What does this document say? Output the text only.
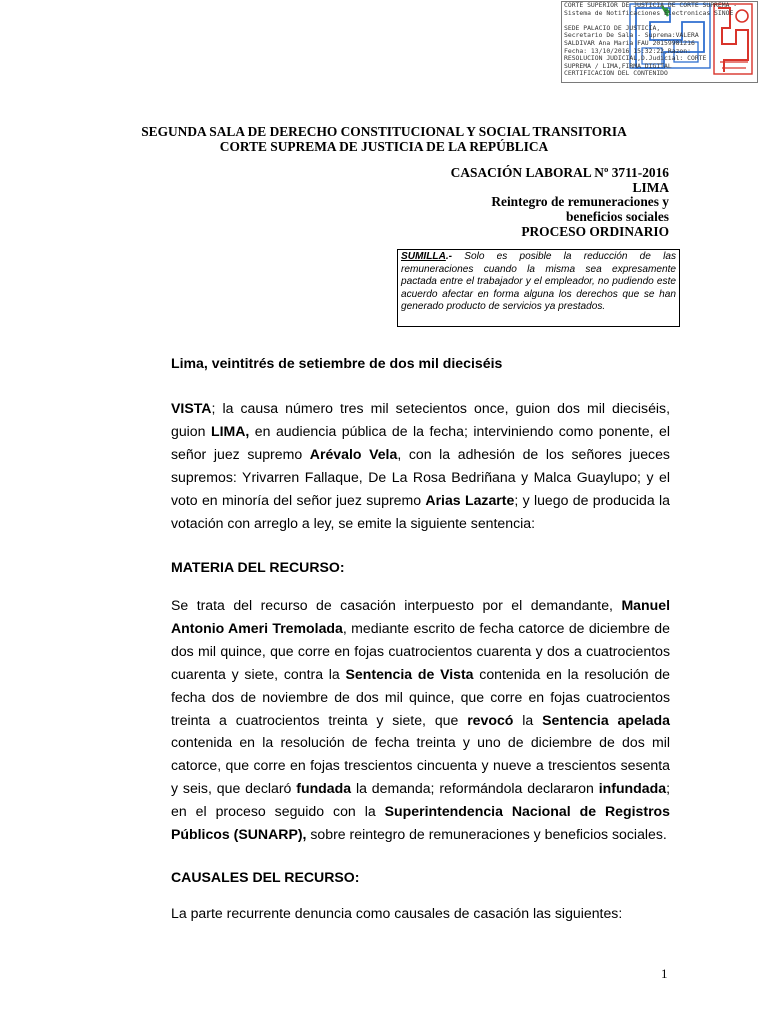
CORTE SUPERIOR DE JUSTICIA DE CORTE SUPREMA -
Sistema de Notificaciones Electronicas SINOE
SEDE PALACIO DE JUSTICIA,
Secretario De Sala - Suprema:VALERA
SALDIVAR Ana Maria FAU 20159981216
Fecha: 13/10/2016 15:32:22,Razon:
RESOLUCION JUDICIAL,D.Judicial: CORTE
SUPREMA / LIMA,FIRMA DIGITAL
CERTIFICACION DEL CONTENIDO
SEGUNDA SALA DE DERECHO CONSTITUCIONAL Y SOCIAL TRANSITORIA
CORTE SUPREMA DE JUSTICIA DE LA REPÚBLICA
CASACIÓN LABORAL Nº 3711-2016
LIMA
Reintegro de remuneraciones y
beneficios sociales
PROCESO ORDINARIO
SUMILLA.- Solo es posible la reducción de las remuneraciones cuando la misma sea expresamente pactada entre el trabajador y el empleador, no pudiendo este acuerdo afectar en forma alguna los derechos que se han generado producto de servicios ya prestados.
Lima, veintitrés de setiembre de dos mil dieciséis
VISTA; la causa número tres mil setecientos once, guion dos mil dieciséis, guion LIMA, en audiencia pública de la fecha; interviniendo como ponente, el señor juez supremo Arévalo Vela, con la adhesión de los señores jueces supremos: Yrivarren Fallaque, De La Rosa Bedriñana y Malca Guaylupo; y el voto en minoría del señor juez supremo Arias Lazarte; y luego de producida la votación con arreglo a ley, se emite la siguiente sentencia:
MATERIA DEL RECURSO:
Se trata del recurso de casación interpuesto por el demandante, Manuel Antonio Ameri Tremolada, mediante escrito de fecha catorce de diciembre de dos mil quince, que corre en fojas cuatrocientos cuarenta y dos a cuatrocientos cuarenta y siete, contra la Sentencia de Vista contenida en la resolución de fecha dos de noviembre de dos mil quince, que corre en fojas cuatrocientos treinta a cuatrocientos treinta y siete, que revocó la Sentencia apelada contenida en la resolución de fecha treinta y uno de diciembre de dos mil catorce, que corre en fojas trescientos cincuenta y nueve a trescientos sesenta y seis, que declaró fundada la demanda; reformándola declararon infundada; en el proceso seguido con la Superintendencia Nacional de Registros Públicos (SUNARP), sobre reintegro de remuneraciones y beneficios sociales.
CAUSALES DEL RECURSO:
La parte recurrente denuncia como causales de casación las siguientes:
1
